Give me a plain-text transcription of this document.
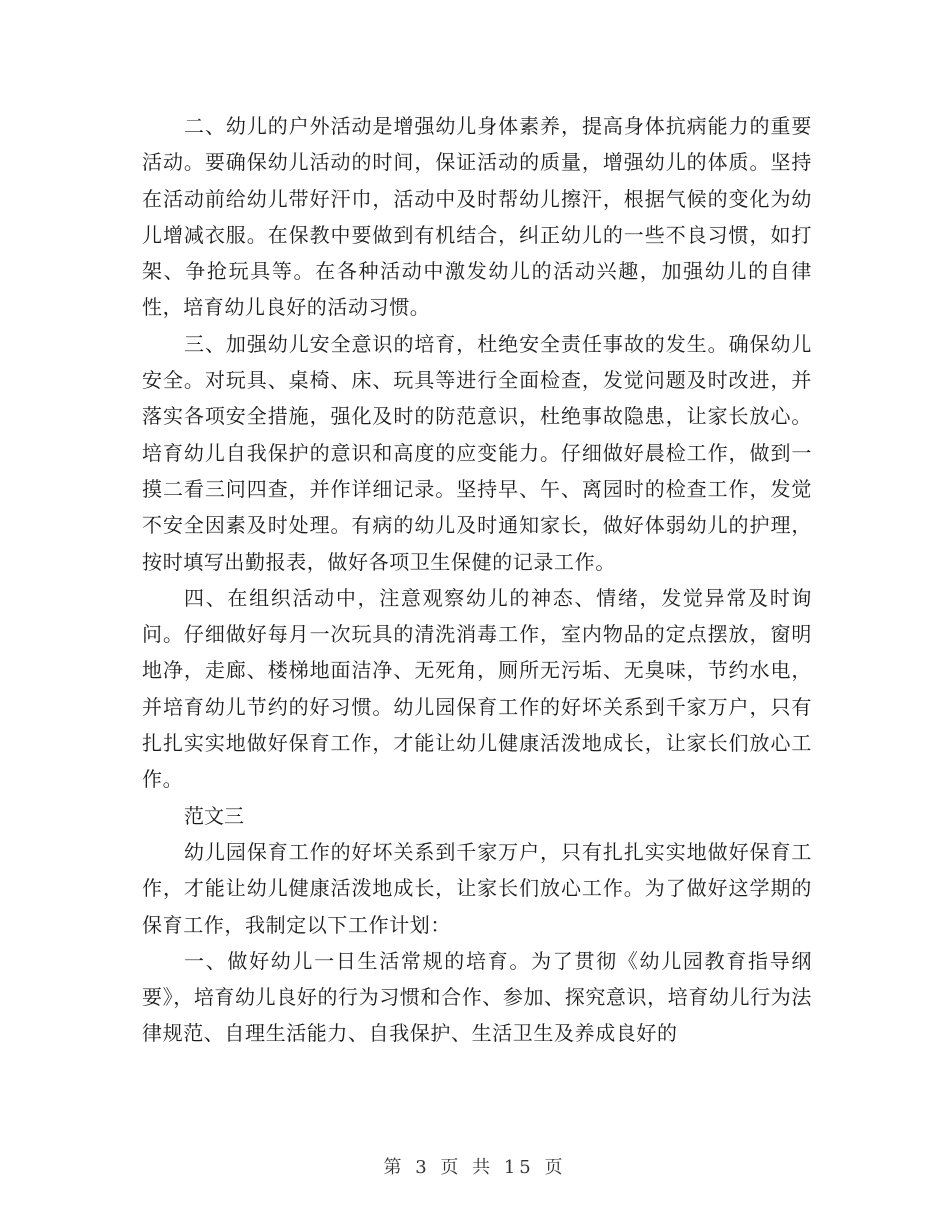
二、幼儿的户外活动是增强幼儿身体素养，提高身体抗病能力的重要活动。要确保幼儿活动的时间，保证活动的质量，增强幼儿的体质。坚持在活动前给幼儿带好汗巾，活动中及时帮幼儿擦汗，根据气候的变化为幼儿增减衣服。在保教中要做到有机结合，纠正幼儿的一些不良习惯，如打架、争抢玩具等。在各种活动中激发幼儿的活动兴趣，加强幼儿的自律性，培育幼儿良好的活动习惯。

三、加强幼儿安全意识的培育，杜绝安全责任事故的发生。确保幼儿安全。对玩具、桌椅、床、玩具等进行全面检查，发觉问题及时改进，并落实各项安全措施，强化及时的防范意识，杜绝事故隐患，让家长放心。培育幼儿自我保护的意识和高度的应变能力。仔细做好晨检工作，做到一摸二看三问四查，并作详细记录。坚持早、午、离园时的检查工作，发觉不安全因素及时处理。有病的幼儿及时通知家长，做好体弱幼儿的护理，按时填写出勤报表，做好各项卫生保健的记录工作。

四、在组织活动中，注意观察幼儿的神态、情绪，发觉异常及时询问。仔细做好每月一次玩具的清洗消毒工作，室内物品的定点摆放，窗明地净，走廊、楼梯地面洁净、无死角，厕所无污垢、无臭味，节约水电，并培育幼儿节约的好习惯。幼儿园保育工作的好坏关系到千家万户，只有扎扎实实地做好保育工作，才能让幼儿健康活泼地成长，让家长们放心工作。

范文三

幼儿园保育工作的好坏关系到千家万户，只有扎扎实实地做好保育工作，才能让幼儿健康活泼地成长，让家长们放心工作。为了做好这学期的保育工作，我制定以下工作计划：

一、做好幼儿一日生活常规的培育。为了贯彻《幼儿园教育指导纲要》，培育幼儿良好的行为习惯和合作、参加、探究意识，培育幼儿行为法律规范、自理生活能力、自我保护、生活卫生及养成良好的

第 3 页 共 15 页
